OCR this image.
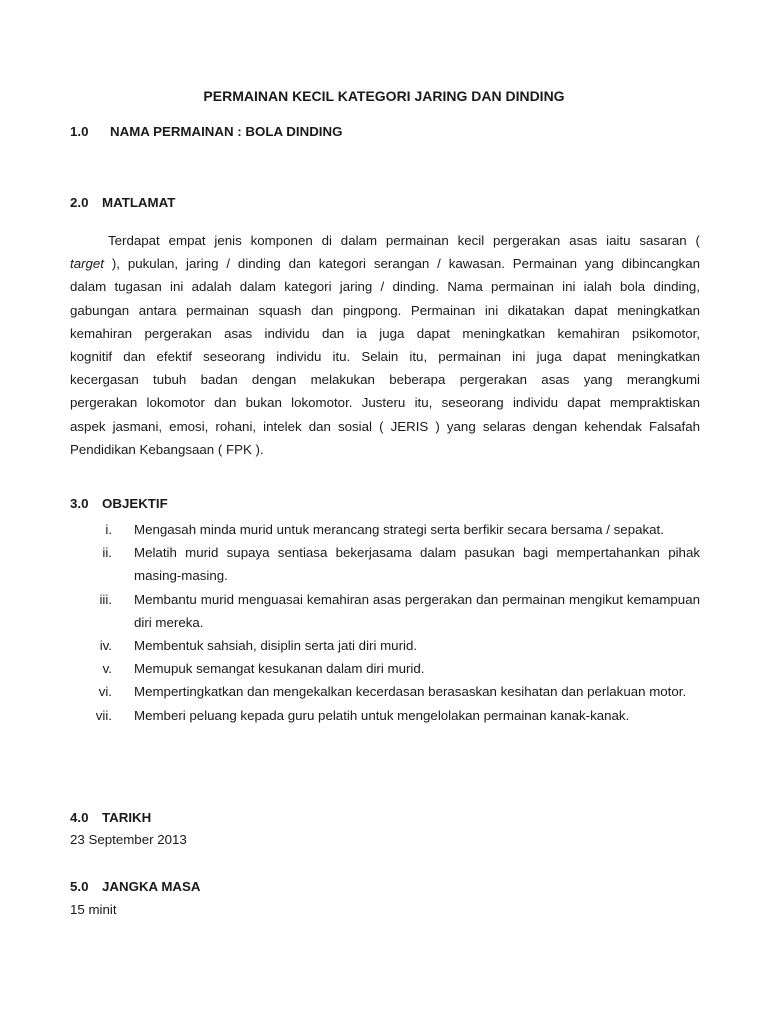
PERMAINAN KECIL KATEGORI JARING DAN DINDING
1.0 NAMA PERMAINAN : BOLA DINDING
2.0 MATLAMAT
Terdapat empat jenis komponen di dalam permainan kecil pergerakan asas iaitu sasaran (
target ), pukulan, jaring / dinding dan kategori serangan / kawasan. Permainan yang dibincangkan
dalam tugasan ini adalah dalam kategori jaring / dinding. Nama permainan ini ialah bola dinding,
gabungan antara permainan squash dan pingpong. Permainan ini dikatakan dapat meningkatkan
kemahiran pergerakan asas individu dan ia juga dapat meningkatkan kemahiran psikomotor,
kognitif dan efektif seseorang individu itu. Selain itu, permainan ini juga dapat meningkatkan
kecergasan tubuh badan dengan melakukan beberapa pergerakan asas yang merangkumi
pergerakan lokomotor dan bukan lokomotor. Justeru itu, seseorang individu dapat mempraktiskan
aspek jasmani, emosi, rohani, intelek dan sosial ( JERIS ) yang selaras dengan kehendak Falsafah
Pendidikan Kebangsaan ( FPK ).
3.0 OBJEKTIF
i. Mengasah minda murid untuk merancang strategi serta berfikir secara bersama / sepakat.
ii. Melatih murid supaya sentiasa bekerjasama dalam pasukan bagi mempertahankan pihak masing-masing.
iii. Membantu murid menguasai kemahiran asas pergerakan dan permainan mengikut kemampuan diri mereka.
iv. Membentuk sahsiah, disiplin serta jati diri murid.
v. Memupuk semangat kesukanan dalam diri murid.
vi. Mempertingkatkan dan mengekalkan kecerdasan berasaskan kesihatan dan perlakuan motor.
vii. Memberi peluang kepada guru pelatih untuk mengelolakan permainan kanak-kanak.
4.0 TARIKH
23 September 2013
5.0 JANGKA MASA
15 minit
